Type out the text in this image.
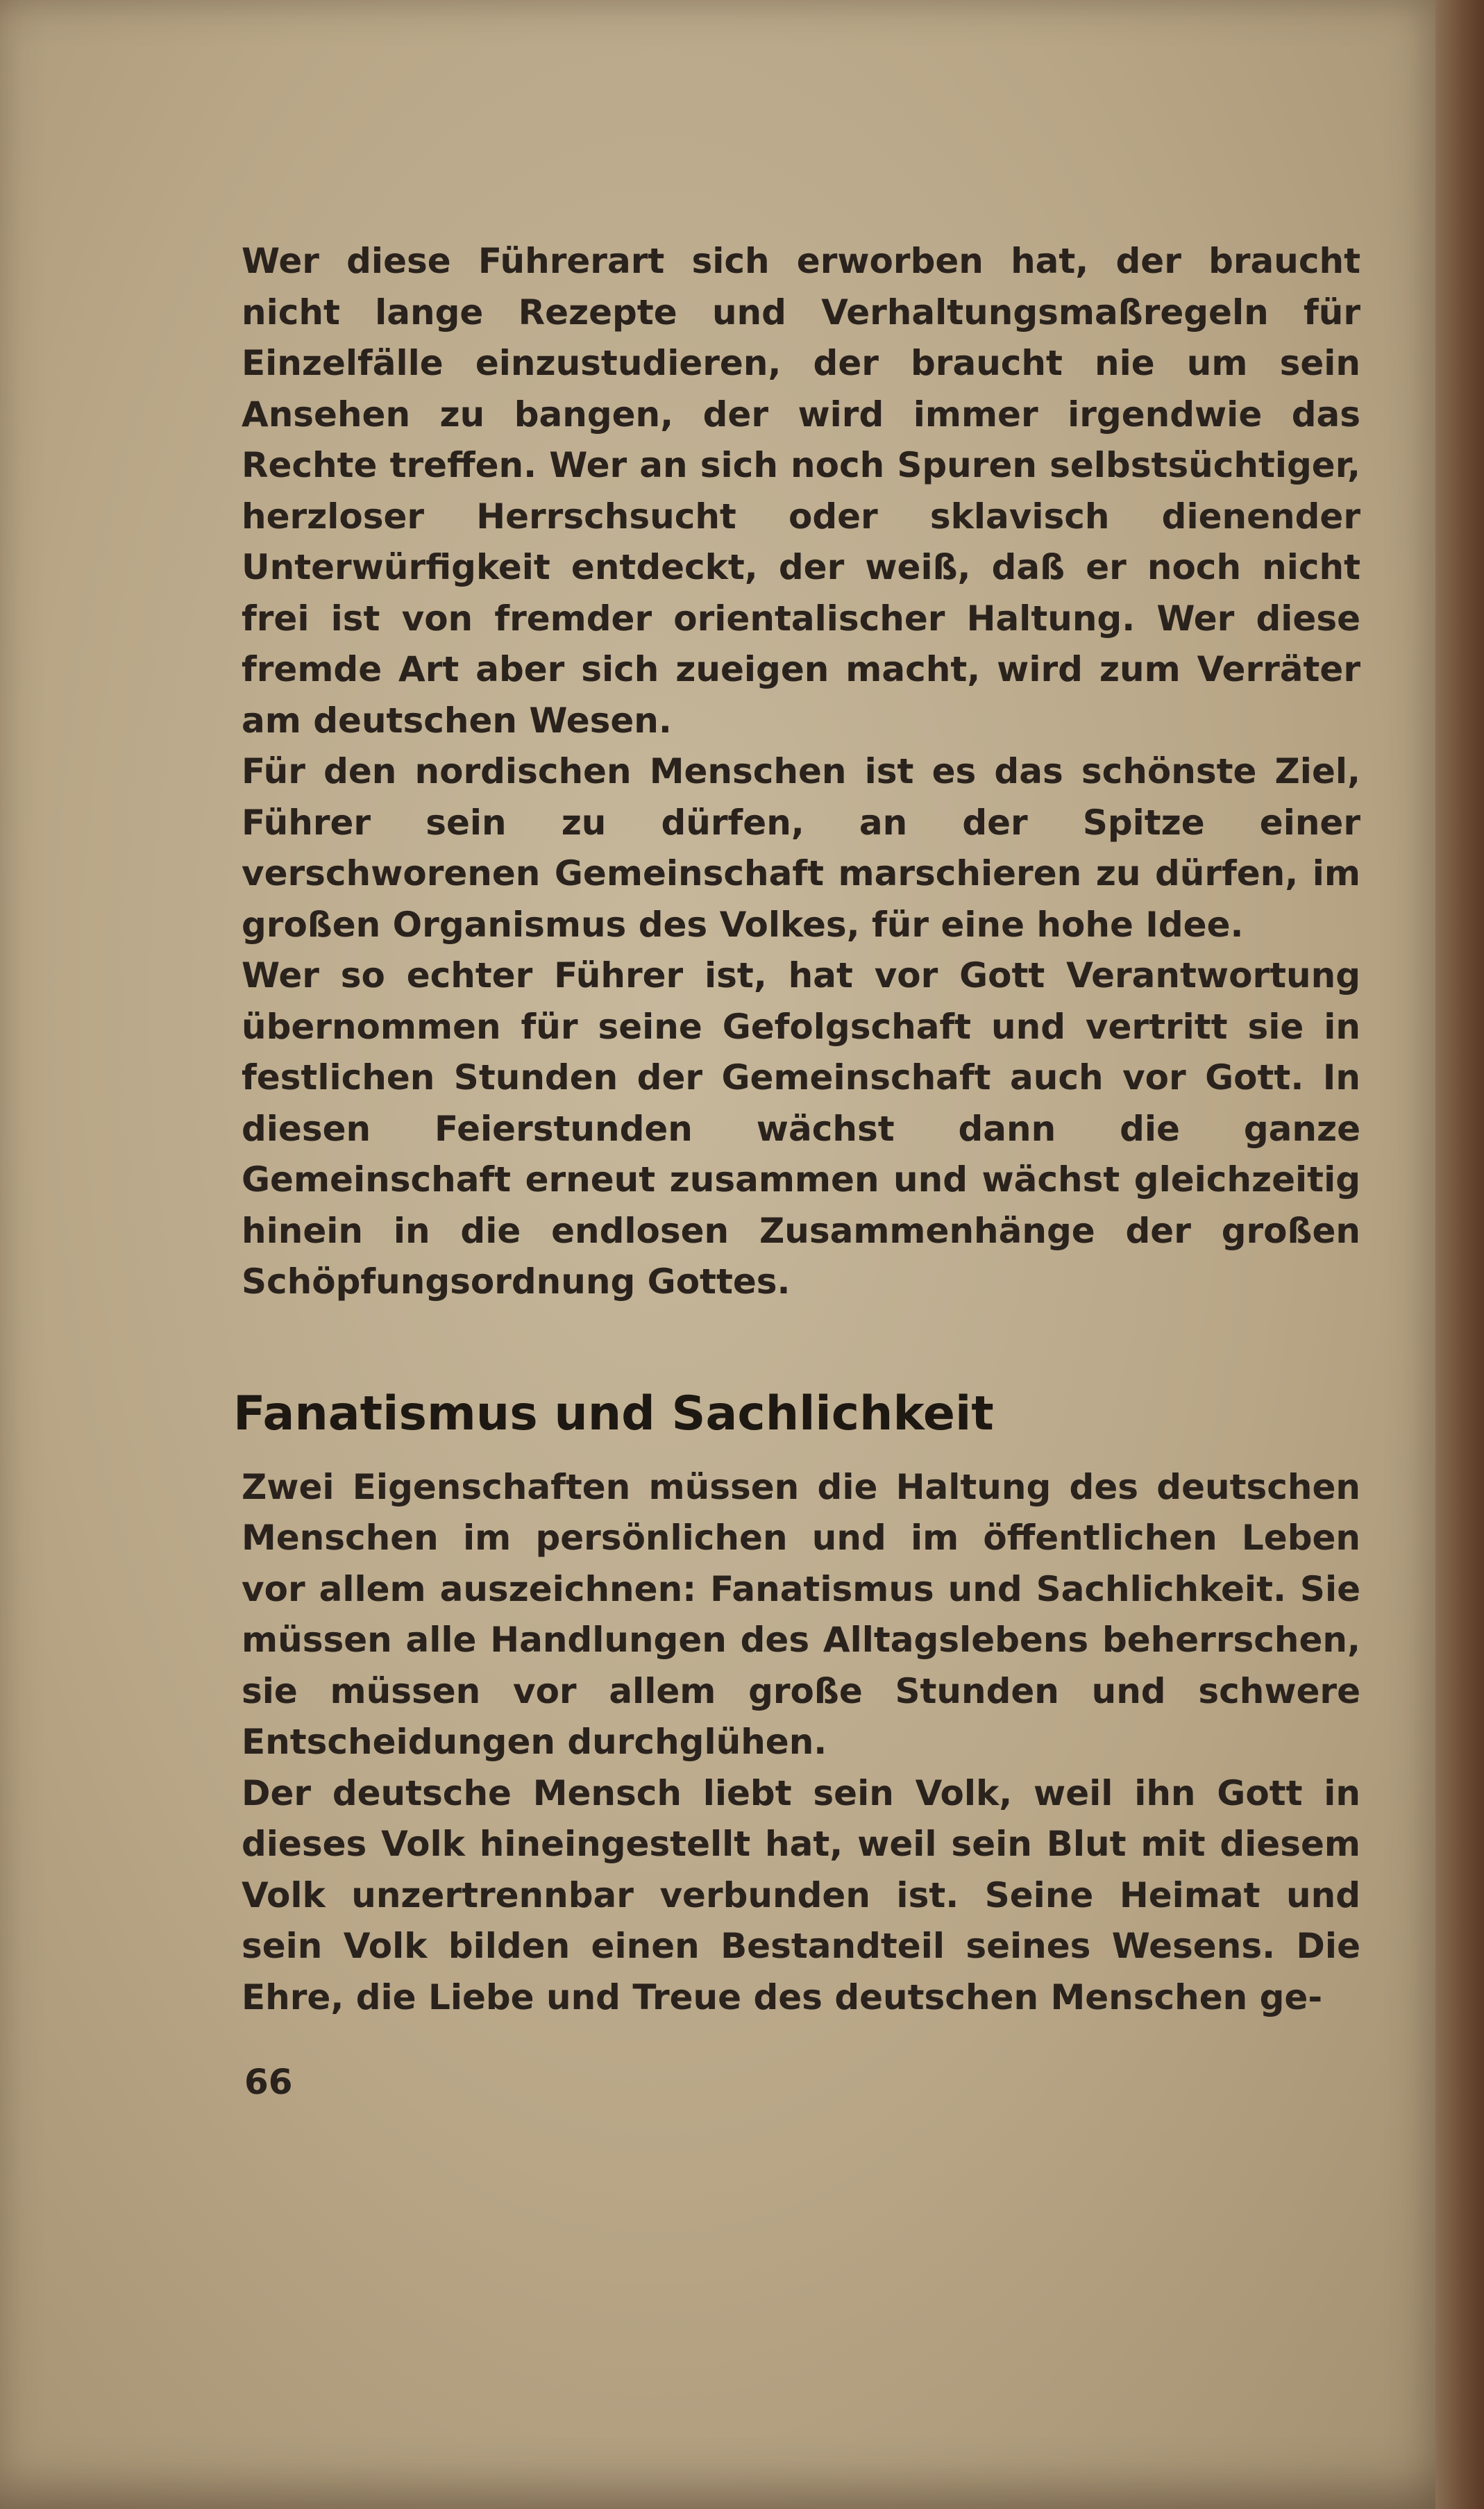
Wer diese Führerart sich erworben hat, der braucht nicht lange Rezepte und Verhaltungsmaßregeln für Einzelfälle einzustudieren, der braucht nie um sein Ansehen zu bangen, der wird immer irgendwie das Rechte treffen. Wer an sich noch Spuren selbstsüchtiger, herzloser Herrschsucht oder sklavisch dienender Unterwürfigkeit entdeckt, der weiß, daß er noch nicht frei ist von fremder orientalischer Haltung. Wer diese fremde Art aber sich zueigen macht, wird zum Verräter am deutschen Wesen.

Für den nordischen Menschen ist es das schönste Ziel, Führer sein zu dürfen, an der Spitze einer verschworenen Gemeinschaft marschieren zu dürfen, im großen Organismus des Volkes, für eine hohe Idee.

Wer so echter Führer ist, hat vor Gott Verantwortung übernommen für seine Gefolgschaft und vertritt sie in festlichen Stunden der Gemeinschaft auch vor Gott. In diesen Feierstunden wächst dann die ganze Gemeinschaft erneut zusammen und wächst gleichzeitig hinein in die endlosen Zusammenhänge der großen Schöpfungsordnung Gottes.

Fanatismus und Sachlichkeit

Zwei Eigenschaften müssen die Haltung des deutschen Menschen im persönlichen und im öffentlichen Leben vor allem auszeichnen: Fanatismus und Sachlichkeit. Sie müssen alle Handlungen des Alltagslebens beherrschen, sie müssen vor allem große Stunden und schwere Entscheidungen durchglühen.

Der deutsche Mensch liebt sein Volk, weil ihn Gott in dieses Volk hineingestellt hat, weil sein Blut mit diesem Volk unzertrennbar verbunden ist. Seine Heimat und sein Volk bilden einen Bestandteil seines Wesens. Die Ehre, die Liebe und Treue des deutschen Menschen ge-

66
